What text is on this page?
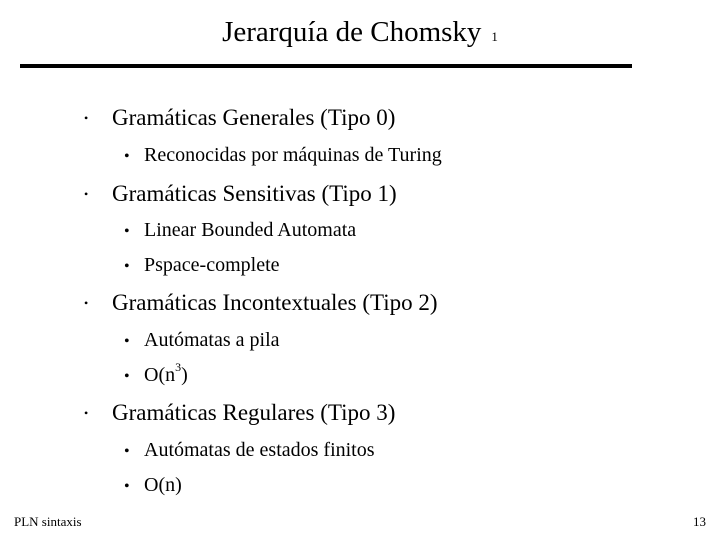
Jerarquía de Chomsky 1
• Gramáticas Generales (Tipo 0)
• Reconocidas por máquinas de Turing
• Gramáticas Sensitivas (Tipo 1)
• Linear Bounded Automata
• Pspace-complete
• Gramáticas Incontextuales (Tipo 2)
• Autómatas a pila
• $O(n^3)$
• Gramáticas Regulares (Tipo 3)
• Autómatas de estados finitos
• O(n)
PLN sintaxis	13
